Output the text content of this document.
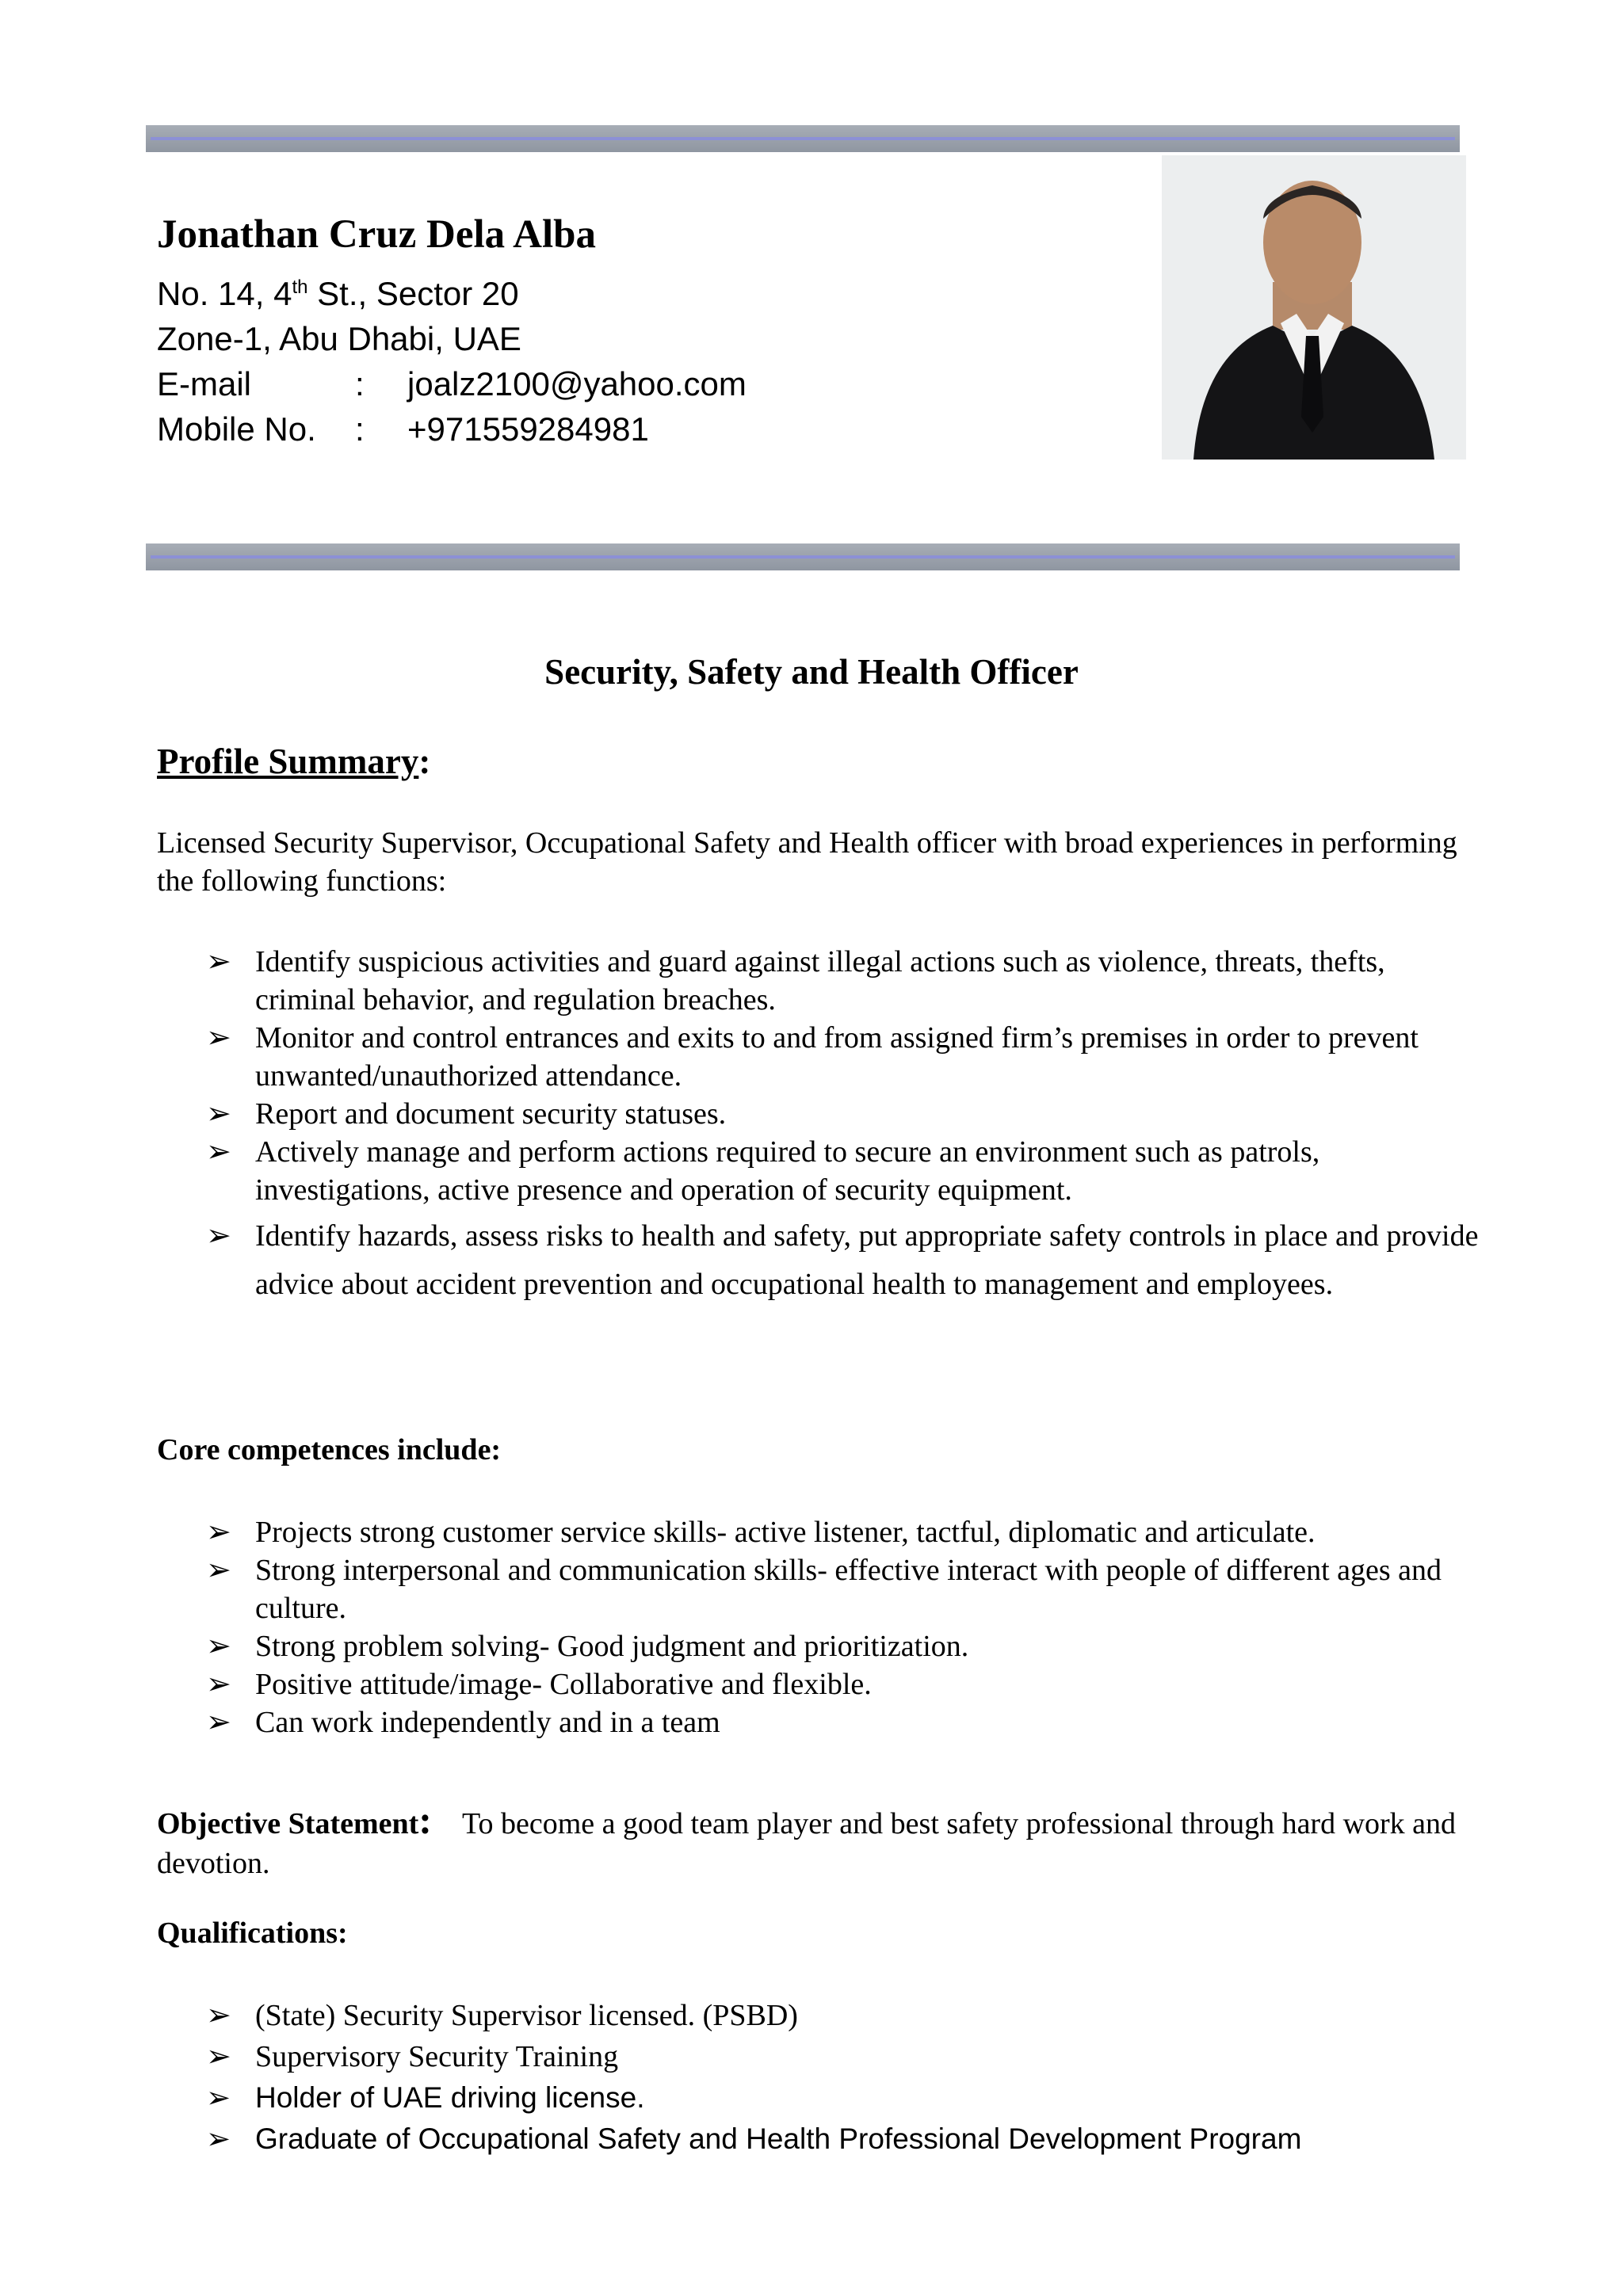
Jonathan Cruz Dela Alba

No. 14, 4th St., Sector 20
Zone-1, Abu Dhabi, UAE
E-mail	: joalz2100@yahoo.com
Mobile No. : +971559284981

Security, Safety and Health Officer

Profile Summary:

Licensed Security Supervisor, Occupational Safety and Health officer with broad experiences in performing the following functions:

➢ Identify suspicious activities and guard against illegal actions such as violence, threats, thefts, criminal behavior, and regulation breaches.
➢ Monitor and control entrances and exits to and from assigned firm’s premises in order to prevent unwanted/unauthorized attendance.
➢ Report and document security statuses.
➢ Actively manage and perform actions required to secure an environment such as patrols, investigations, active presence and operation of security equipment.
➢ Identify hazards, assess risks to health and safety, put appropriate safety controls in place and provide advice about accident prevention and occupational health to management and employees.

Core competences include:

➢ Projects strong customer service skills- active listener, tactful, diplomatic and articulate.
➢ Strong interpersonal and communication skills- effective interact with people of different ages and culture.
➢ Strong problem solving- Good judgment and prioritization.
➢ Positive attitude/image- Collaborative and flexible.
➢ Can work independently and in a team

Objective Statement: To become a good team player and best safety professional through hard work and devotion.

Qualifications:

➢ (State) Security Supervisor licensed. (PSBD)
➢ Supervisory Security Training
➢ Holder of UAE driving license.
➢ Graduate of Occupational Safety and Health Professional Development Program
